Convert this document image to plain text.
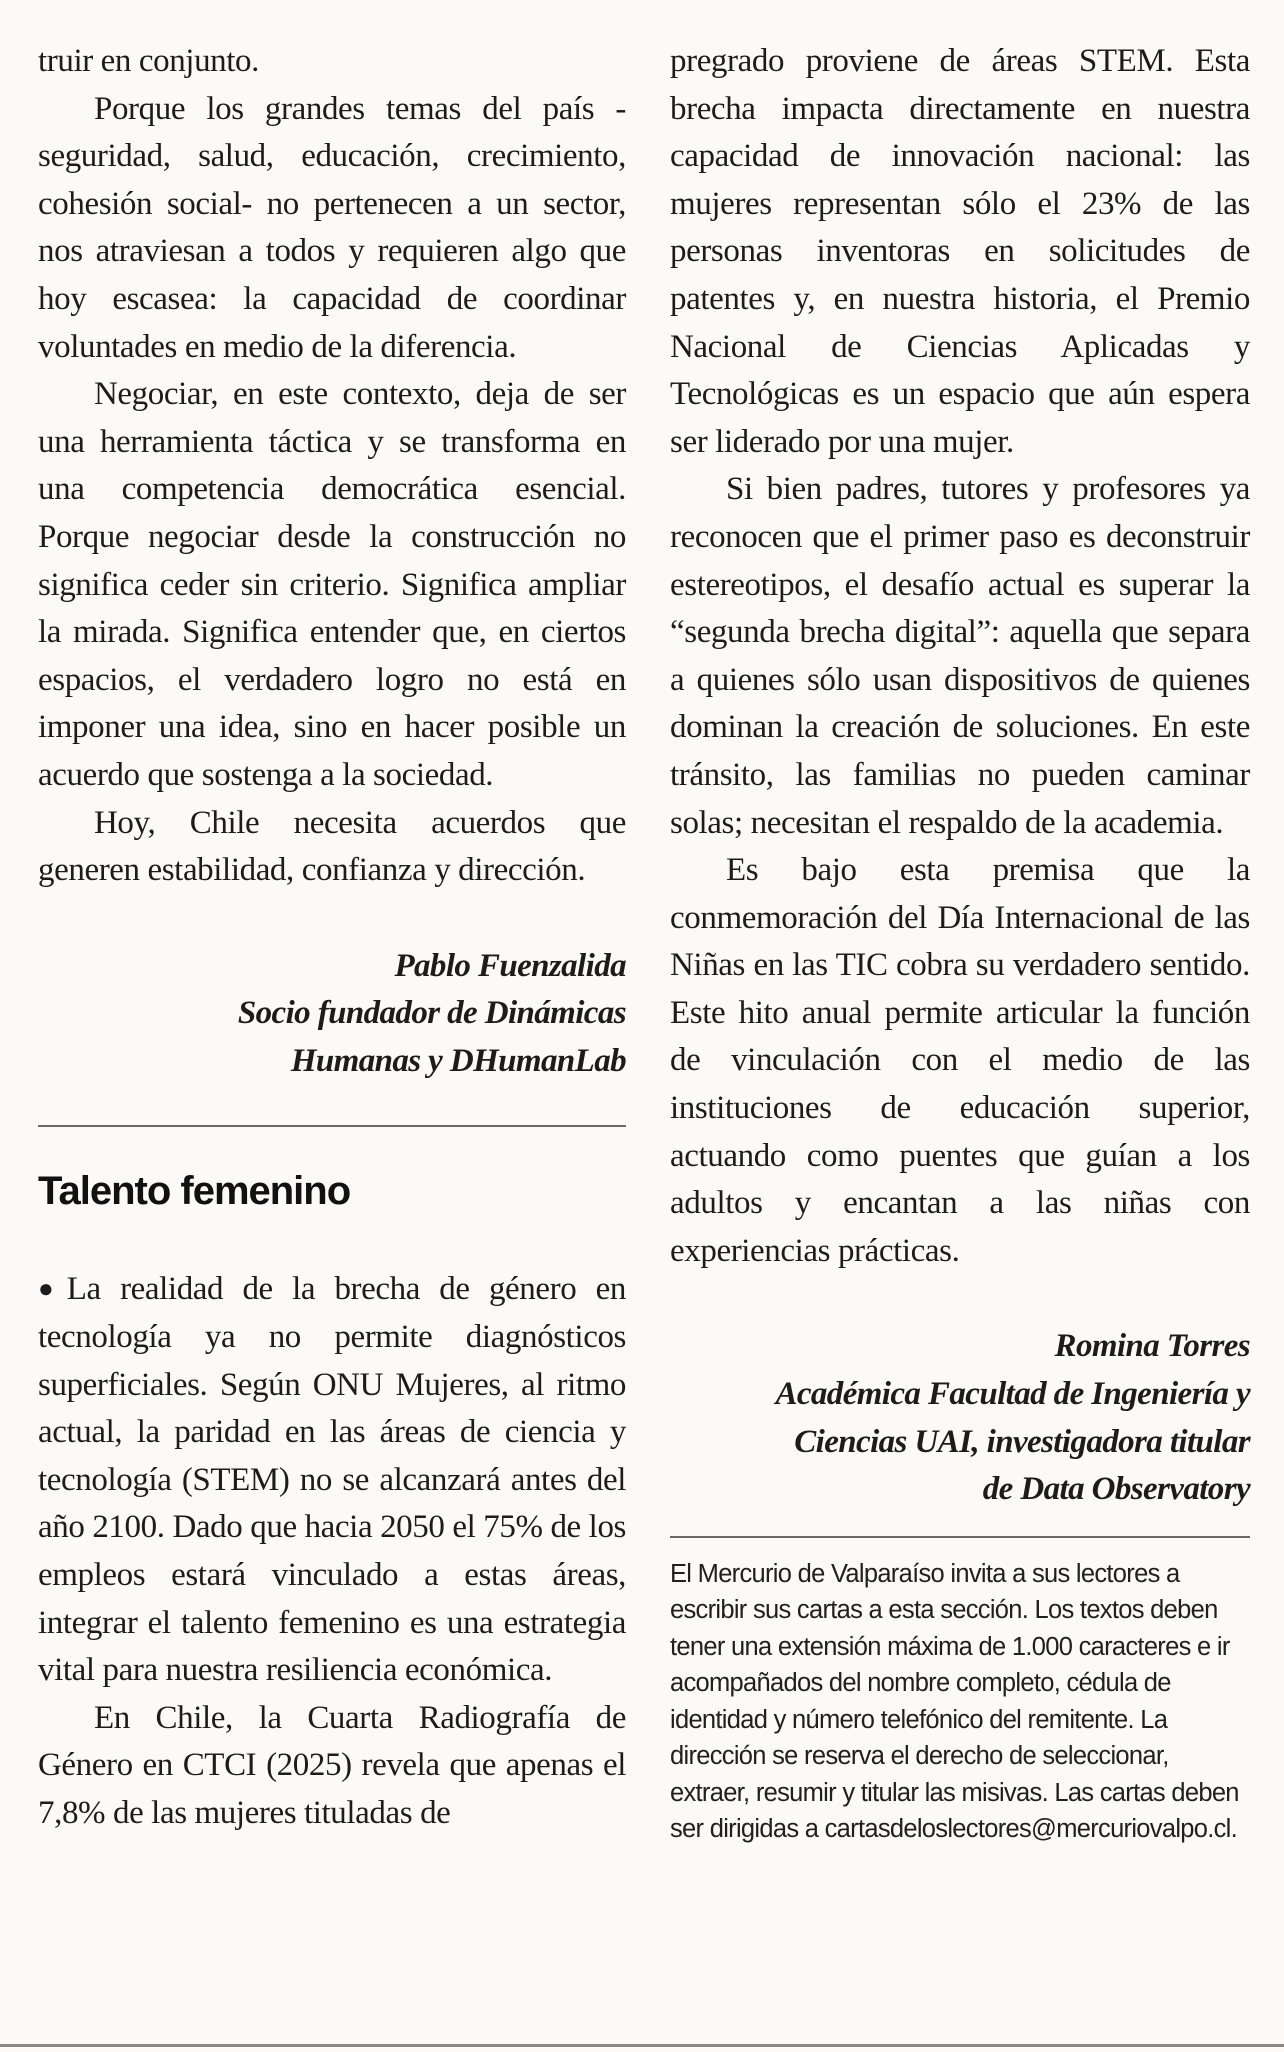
truir en conjunto.

Porque los grandes temas del país - seguridad, salud, educación, crecimiento, cohesión social- no pertenecen a un sector, nos atraviesan a todos y requieren algo que hoy escasea: la capacidad de coordinar voluntades en medio de la diferencia.

Negociar, en este contexto, deja de ser una herramienta táctica y se transforma en una competencia democrática esencial. Porque negociar desde la construcción no significa ceder sin criterio. Significa ampliar la mirada. Significa entender que, en ciertos espacios, el verdadero logro no está en imponer una idea, sino en hacer posible un acuerdo que sostenga a la sociedad.

Hoy, Chile necesita acuerdos que generen estabilidad, confianza y dirección.

Pablo Fuenzalida
Socio fundador de Dinámicas
Humanas y DHumanLab
Talento femenino

●La realidad de la brecha de género en tecnología ya no permite diagnósticos superficiales. Según ONU Mujeres, al ritmo actual, la paridad en las áreas de ciencia y tecnología (STEM) no se alcanzará antes del año 2100. Dado que hacia 2050 el 75% de los empleos estará vinculado a estas áreas, integrar el talento femenino es una estrategia vital para nuestra resiliencia económica.

En Chile, la Cuarta Radiografía de Género en CTCI (2025) revela que apenas el 7,8% de las mujeres tituladas de

pregrado proviene de áreas STEM. Esta brecha impacta directamente en nuestra capacidad de innovación nacional: las mujeres representan sólo el 23% de las personas inventoras en solicitudes de patentes y, en nuestra historia, el Premio Nacional de Ciencias Aplicadas y Tecnológicas es un espacio que aún espera ser liderado por una mujer.

Si bien padres, tutores y profesores ya reconocen que el primer paso es deconstruir estereotipos, el desafío actual es superar la “segunda brecha digital”: aquella que separa a quienes sólo usan dispositivos de quienes dominan la creación de soluciones. En este tránsito, las familias no pueden caminar solas; necesitan el respaldo de la academia.

Es bajo esta premisa que la conmemoración del Día Internacional de las Niñas en las TIC cobra su verdadero sentido. Este hito anual permite articular la función de vinculación con el medio de las instituciones de educación superior, actuando como puentes que guían a los adultos y encantan a las niñas con experiencias prácticas.

Romina Torres
Académica Facultad de Ingeniería y
Ciencias UAI, investigadora titular
de Data Observatory

El Mercurio de Valparaíso invita a sus lectores a escribir sus cartas a esta sección. Los textos deben tener una extensión máxima de 1.000 caracteres e ir acompañados del nombre completo, cédula de identidad y número telefónico del remitente. La dirección se reserva el derecho de seleccionar, extraer, resumir y titular las misivas. Las cartas deben ser dirigidas a cartasdeloslectores@mercuriovalpo.cl.
